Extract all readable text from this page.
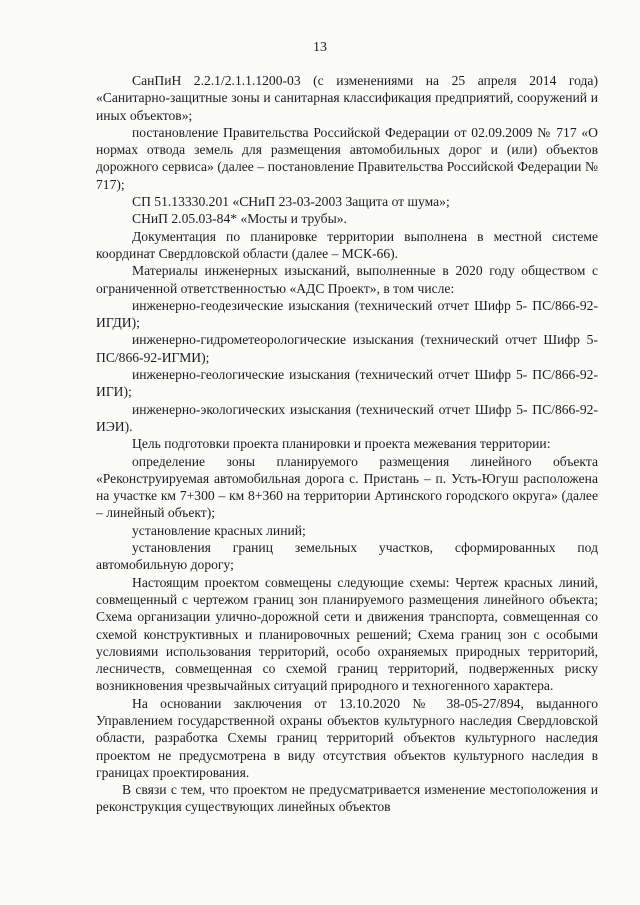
13

СанПиН 2.2.1/2.1.1.1200-03 (с изменениями на 25 апреля 2014 года) «Санитарно-защитные зоны и санитарная классификация предприятий, сооружений и иных объектов»;

постановление Правительства Российской Федерации от 02.09.2009 № 717 «О нормах отвода земель для размещения автомобильных дорог и (или) объектов дорожного сервиса» (далее – постановление Правительства Российской Федерации № 717);

СП 51.13330.201 «СНиП 23-03-2003 Защита от шума»;

СНиП 2.05.03-84* «Мосты и трубы».

Документация по планировке территории выполнена в местной системе координат Свердловской области (далее – МСК-66).

Материалы инженерных изысканий, выполненные в 2020 году обществом с ограниченной ответственностью «АДС Проект», в том числе:

инженерно-геодезические изыскания (технический отчет Шифр 5- ПС/866-92-ИГДИ);

инженерно-гидрометеорологические изыскания (технический отчет Шифр 5-ПС/866-92-ИГМИ);

инженерно-геологические изыскания (технический отчет Шифр 5- ПС/866-92-ИГИ);

инженерно-экологических изыскания (технический отчет Шифр 5- ПС/866-92-ИЭИ).

Цель подготовки проекта планировки и проекта межевания территории:

определение зоны планируемого размещения линейного объекта «Реконструируемая автомобильная дорога с. Пристань – п. Усть-Югуш расположена на участке км 7+300 – км 8+360 на территории Артинского городского округа» (далее – линейный объект);

установление красных линий;

установления границ земельных участков, сформированных под автомобильную дорогу;

Настоящим проектом совмещены следующие схемы: Чертеж красных линий, совмещенный с чертежом границ зон планируемого размещения линейного объекта; Схема организации улично-дорожной сети и движения транспорта, совмещенная со схемой конструктивных и планировочных решений; Схема границ зон с особыми условиями использования территорий, особо охраняемых природных территорий, лесничеств, совмещенная со схемой границ территорий, подверженных риску возникновения чрезвычайных ситуаций природного и техногенного характера.

На основании заключения от 13.10.2020 № 38-05-27/894, выданного Управлением государственной охраны объектов культурного наследия Свердловской области, разработка Схемы границ территорий объектов культурного наследия проектом не предусмотрена в виду отсутствия объектов культурного наследия в границах проектирования.

В связи с тем, что проектом не предусматривается изменение местоположения и реконструкция существующих линейных объектов
